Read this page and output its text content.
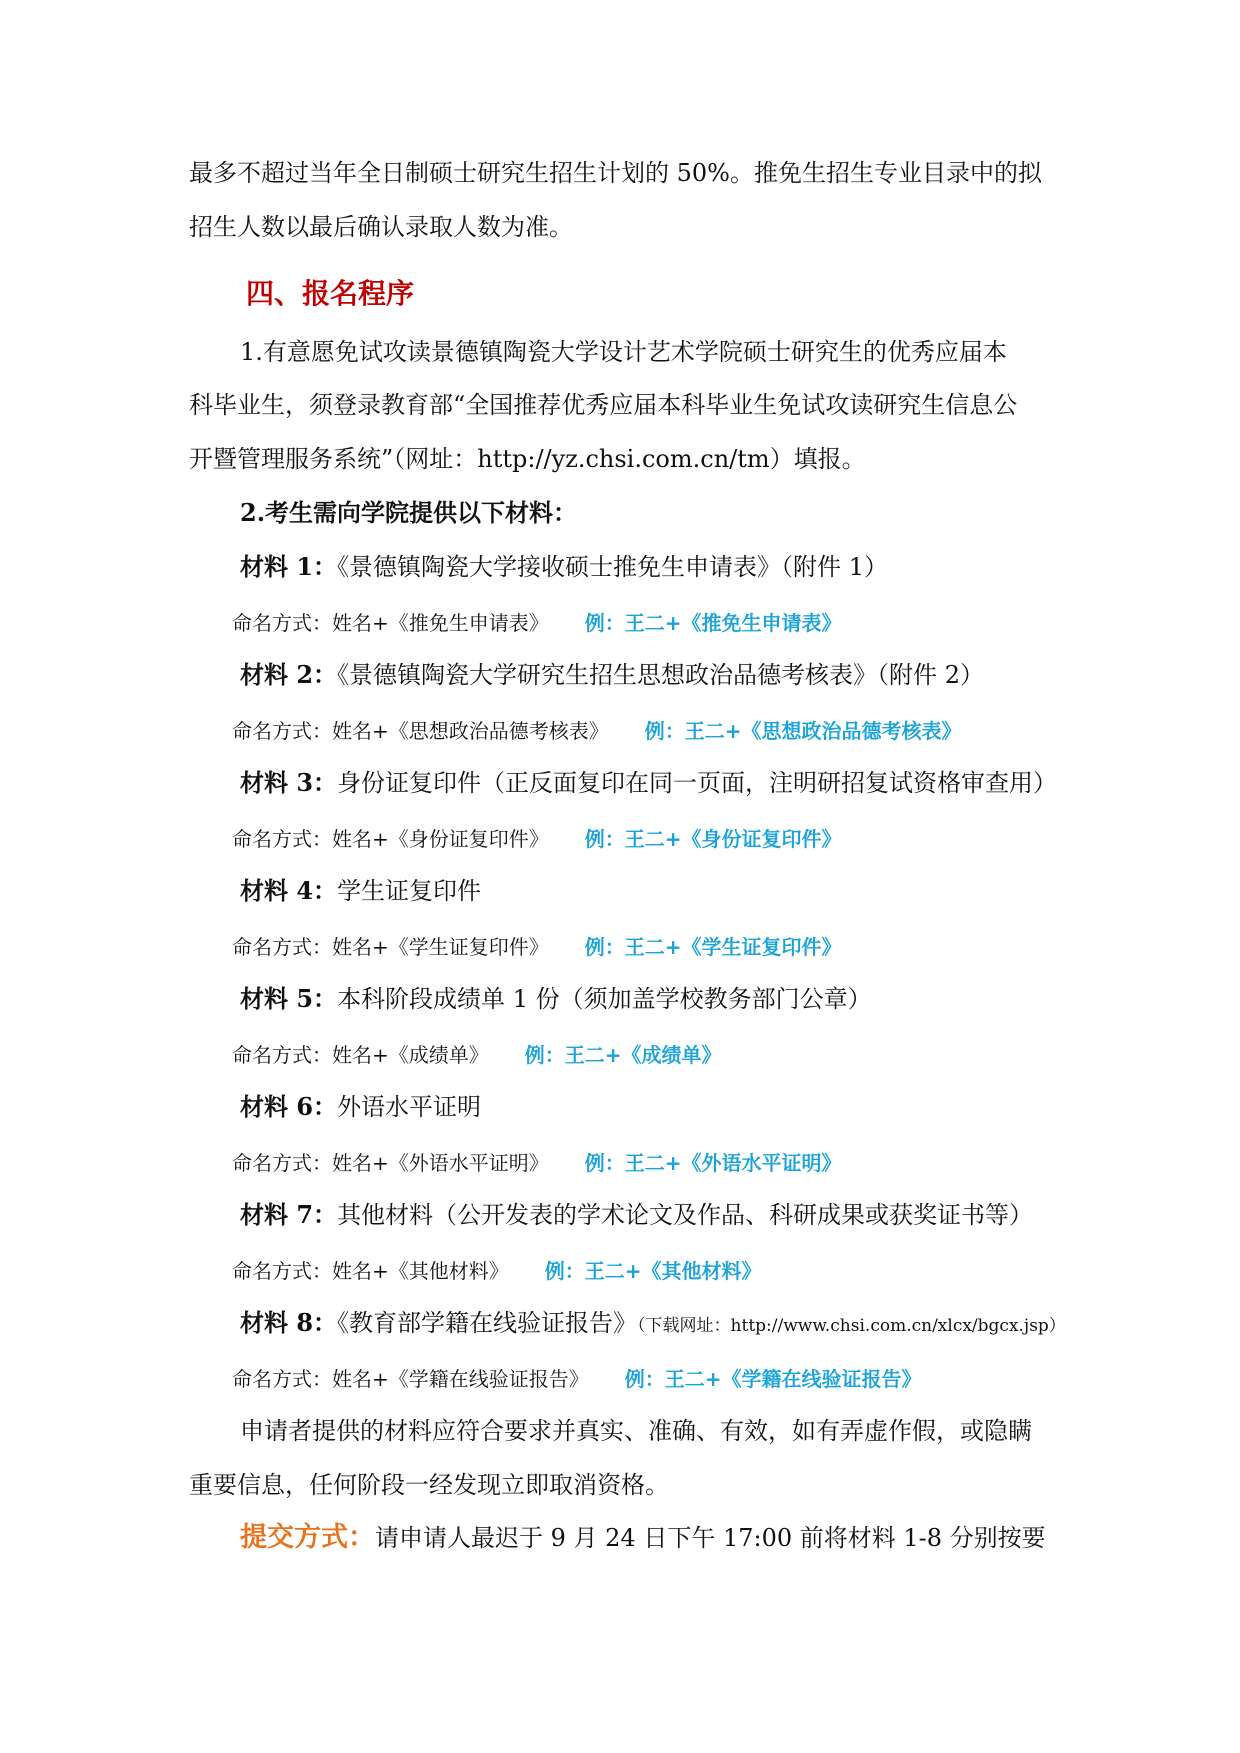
最多不超过当年全日制硕士研究生招生计划的 50%。推免生招生专业目录中的拟
招生人数以最后确认录取人数为准。
四、报名程序
1.有意愿免试攻读景德镇陶瓷大学设计艺术学院硕士研究生的优秀应届本
科毕业生，须登录教育部“全国推荐优秀应届本科毕业生免试攻读研究生信息公
开暨管理服务系统”（网址：http://yz.chsi.com.cn/tm）填报。
2.考生需向学院提供以下材料：
材料 1：《景德镇陶瓷大学接收硕士推免生申请表》（附件 1）
命名方式：姓名+《推免生申请表》 例：王二+《推免生申请表》
材料 2：《景德镇陶瓷大学研究生招生思想政治品德考核表》（附件 2）
命名方式：姓名+《思想政治品德考核表》 例：王二+《思想政治品德考核表》
材料 3：身份证复印件（正反面复印在同一页面，注明研招复试资格审查用）
命名方式：姓名+《身份证复印件》 例：王二+《身份证复印件》
材料 4：学生证复印件
命名方式：姓名+《学生证复印件》 例：王二+《学生证复印件》
材料 5：本科阶段成绩单 1 份（须加盖学校教务部门公章）
命名方式：姓名+《成绩单》 例：王二+《成绩单》
材料 6：外语水平证明
命名方式：姓名+《外语水平证明》 例：王二+《外语水平证明》
材料 7：其他材料（公开发表的学术论文及作品、科研成果或获奖证书等）
命名方式：姓名+《其他材料》 例：王二+《其他材料》
材料 8：《教育部学籍在线验证报告》（下载网址：http://www.chsi.com.cn/xlcx/bgcx.jsp）
命名方式：姓名+《学籍在线验证报告》 例：王二+《学籍在线验证报告》
申请者提供的材料应符合要求并真实、准确、有效，如有弄虚作假，或隐瞒
重要信息，任何阶段一经发现立即取消资格。
提交方式：请申请人最迟于 9 月 24 日下午 17:00 前将材料 1-8 分别按要
